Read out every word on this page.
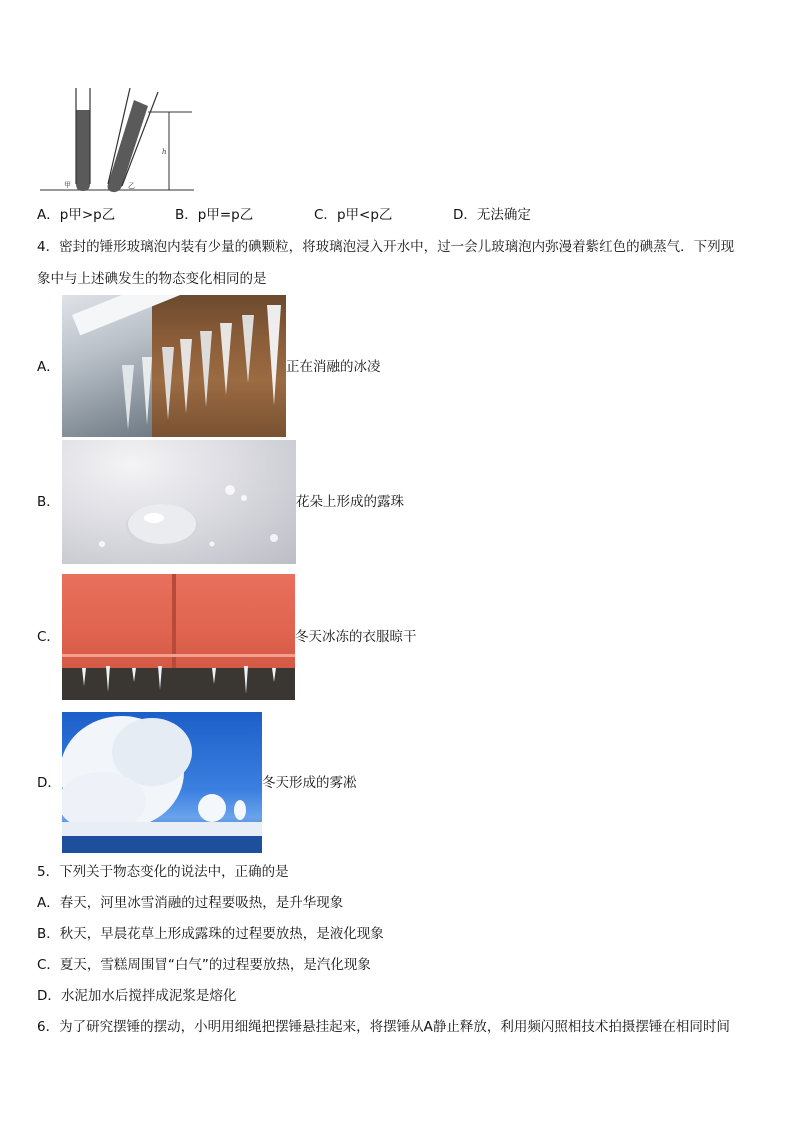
甲	乙
h
A．p甲>p乙	B．p甲=p乙	C．p甲<p乙	D．无法确定
4．密封的锤形玻璃泡内装有少量的碘颗粒，将玻璃泡浸入开水中，过一会儿玻璃泡内弥漫着紫红色的碘蒸气．下列现
象中与上述碘发生的物态变化相同的是
A．	正在消融的冰凌
B．	花朵上形成的露珠
C．	冬天冰冻的衣服晾干
D．	冬天形成的雾凇
5．下列关于物态变化的说法中，正确的是
A．春天，河里冰雪消融的过程要吸热，是升华现象
B．秋天，早晨花草上形成露珠的过程要放热，是液化现象
C．夏天，雪糕周围冒“白气”的过程要放热，是汽化现象
D．水泥加水后搅拌成泥浆是熔化
6．为了研究摆锤的摆动，小明用细绳把摆锤悬挂起来，将摆锤从A静止释放，利用频闪照相技术拍摄摆锤在相同时间
